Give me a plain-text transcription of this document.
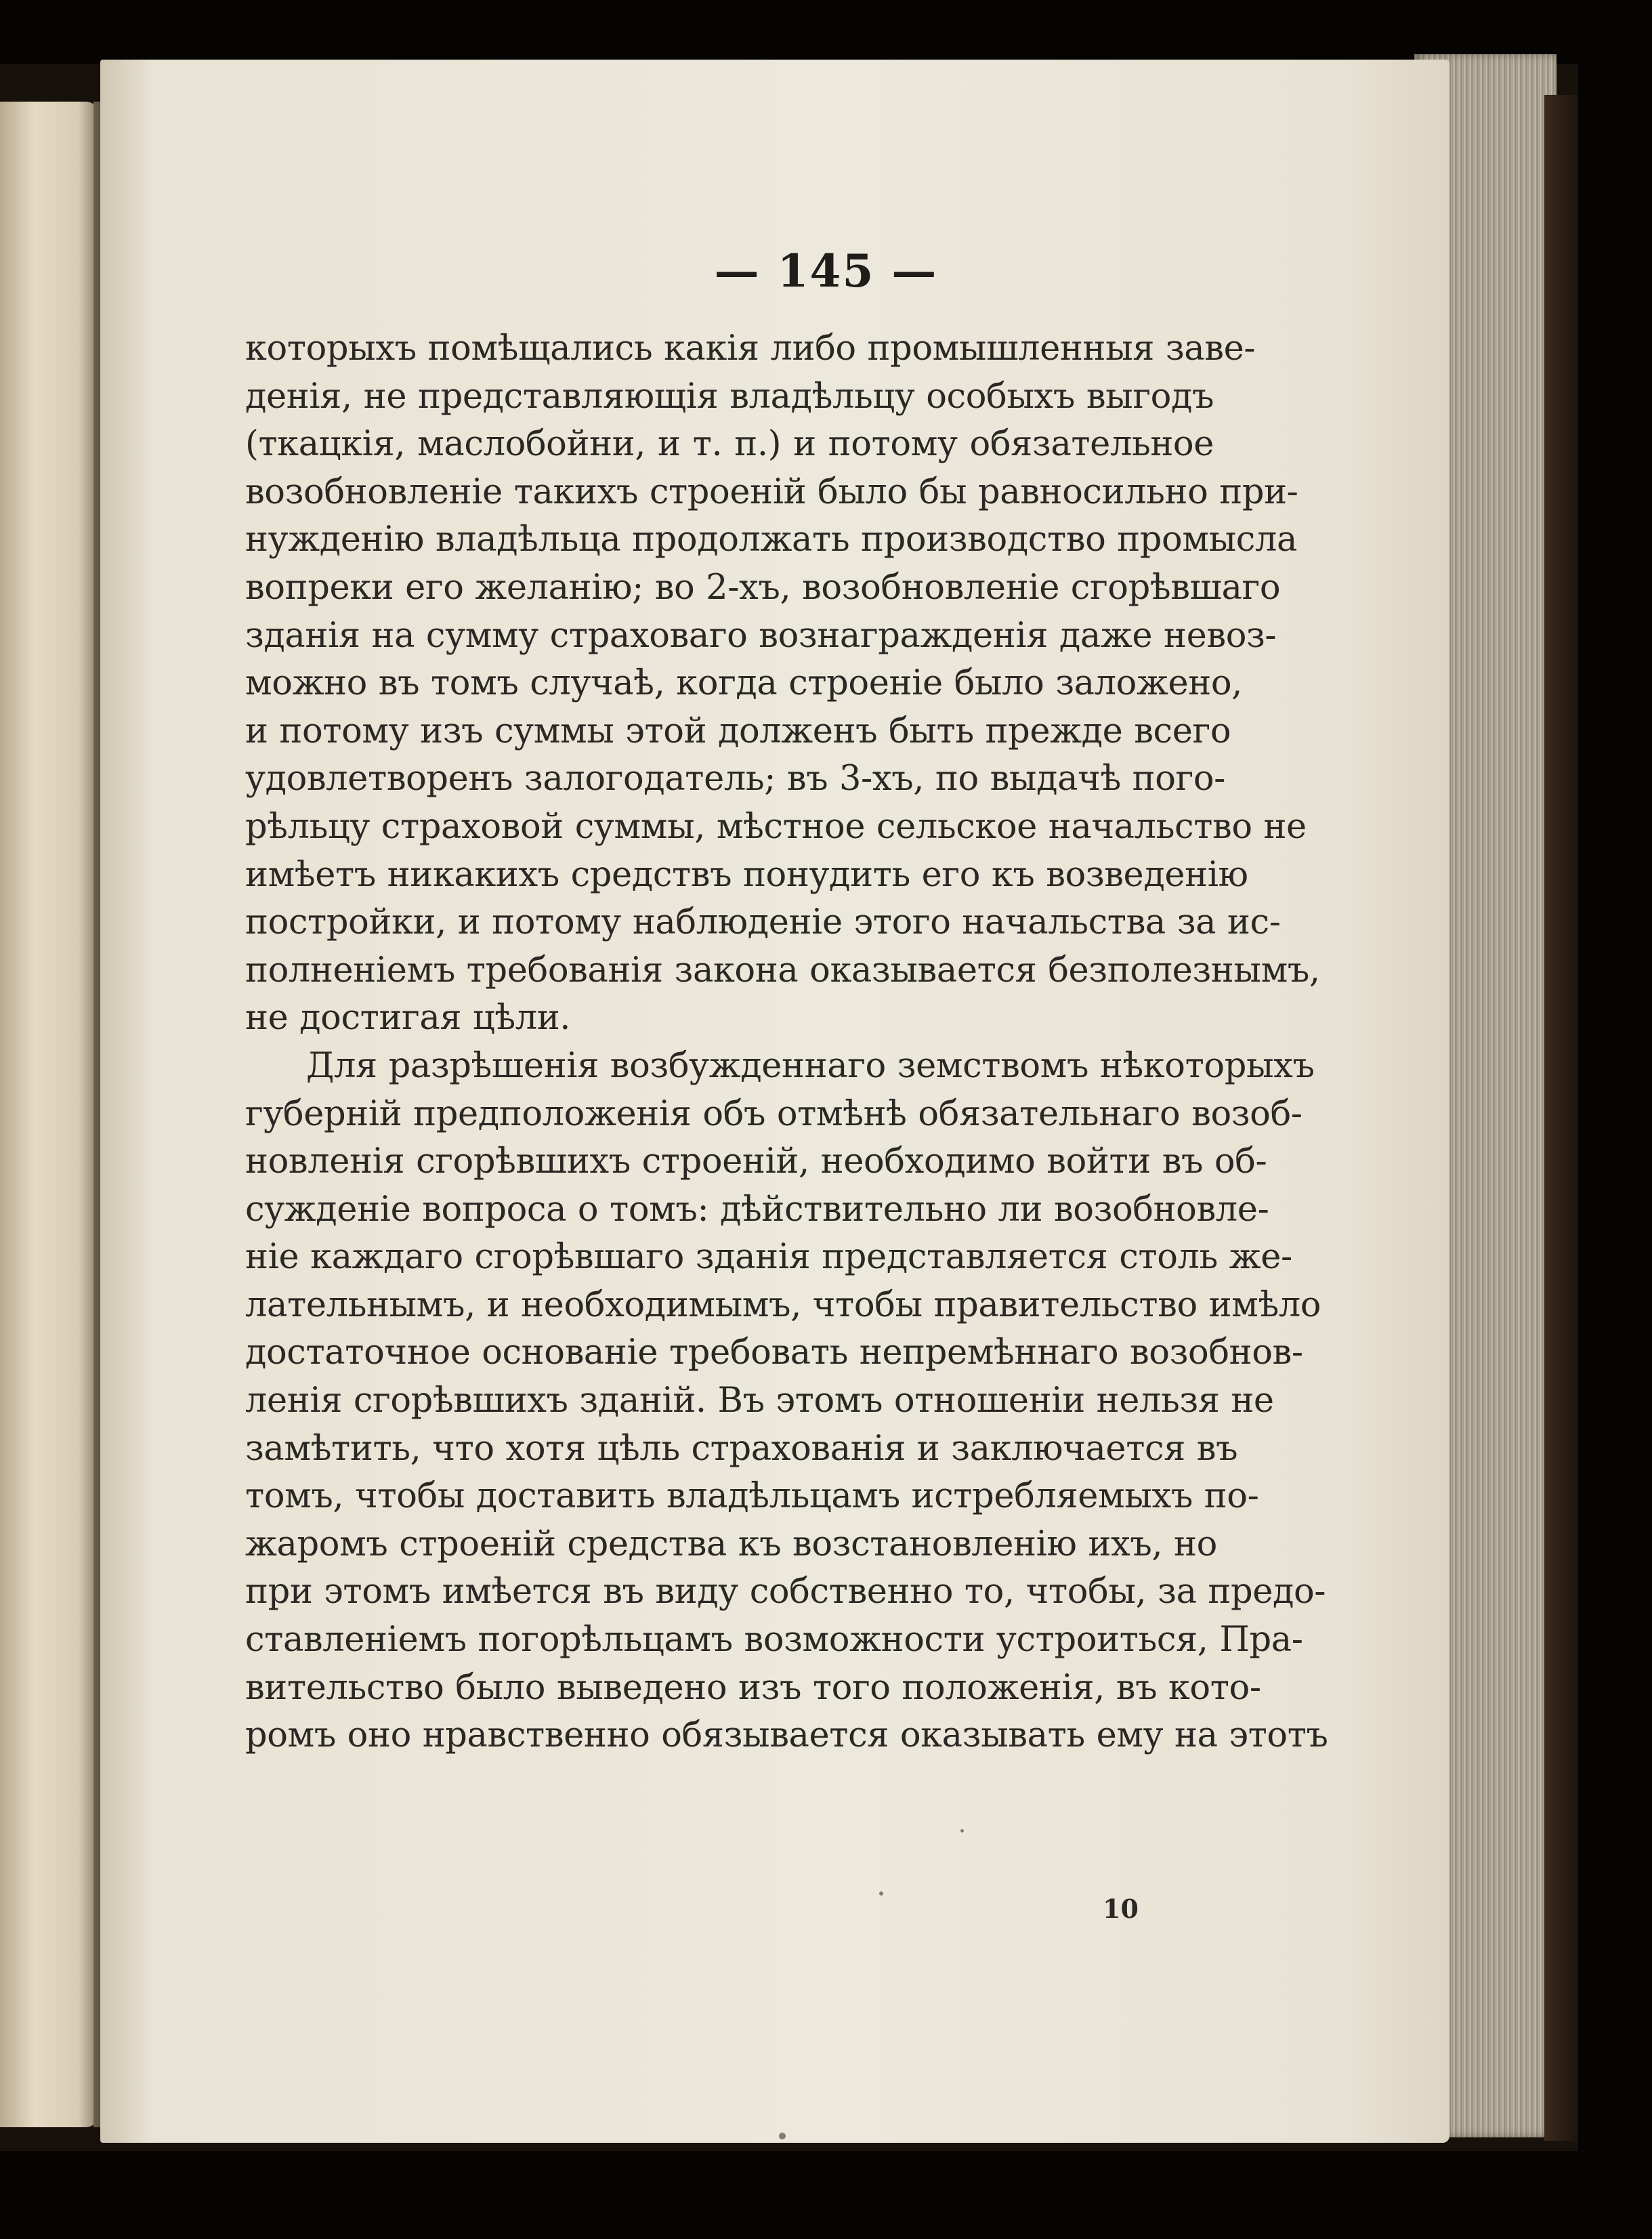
— 145 —
которыхъ помѣщались какія либо промышленныя заве-
денія, не представляющія владѣльцу особыхъ выгодъ
(ткацкія, маслобойни, и т. п.) и потому обязательное
возобновленіе такихъ строеній было бы равносильно при-
нужденію владѣльца продолжать производство промысла
вопреки его желанію; во 2-хъ, возобновленіе сгорѣвшаго
зданія на сумму страховаго вознагражденія даже невоз-
можно въ томъ случаѣ, когда строеніе было заложено,
и потому изъ суммы этой долженъ быть прежде всего
удовлетворенъ залогодатель; въ 3-хъ, по выдачѣ пого-
рѣльцу страховой суммы, мѣстное сельское начальство не
имѣетъ никакихъ средствъ понудить его къ возведенію
постройки, и потому наблюденіе этого начальства за ис-
полненіемъ требованія закона оказывается безполезнымъ,
не достигая цѣли.
Для разрѣшенія возбужденнаго земствомъ нѣкоторыхъ
губерній предположенія объ отмѣнѣ обязательнаго возоб-
новленія сгорѣвшихъ строеній, необходимо войти въ об-
сужденіе вопроса о томъ: дѣйствительно ли возобновле-
ніе каждаго сгорѣвшаго зданія представляется столь же-
лательнымъ, и необходимымъ, чтобы правительство имѣло
достаточное основаніе требовать непремѣннаго возобнов-
ленія сгорѣвшихъ зданій. Въ этомъ отношеніи нельзя не
замѣтить, что хотя цѣль страхованія и заключается въ
томъ, чтобы доставить владѣльцамъ истребляемыхъ по-
жаромъ строеній средства къ возстановленію ихъ, но
при этомъ имѣется въ виду собственно то, чтобы, за предо-
ставленіемъ погорѣльцамъ возможности устроиться, Пра-
вительство было выведено изъ того положенія, въ кото-
ромъ оно нравственно обязывается оказывать ему на этотъ
10
